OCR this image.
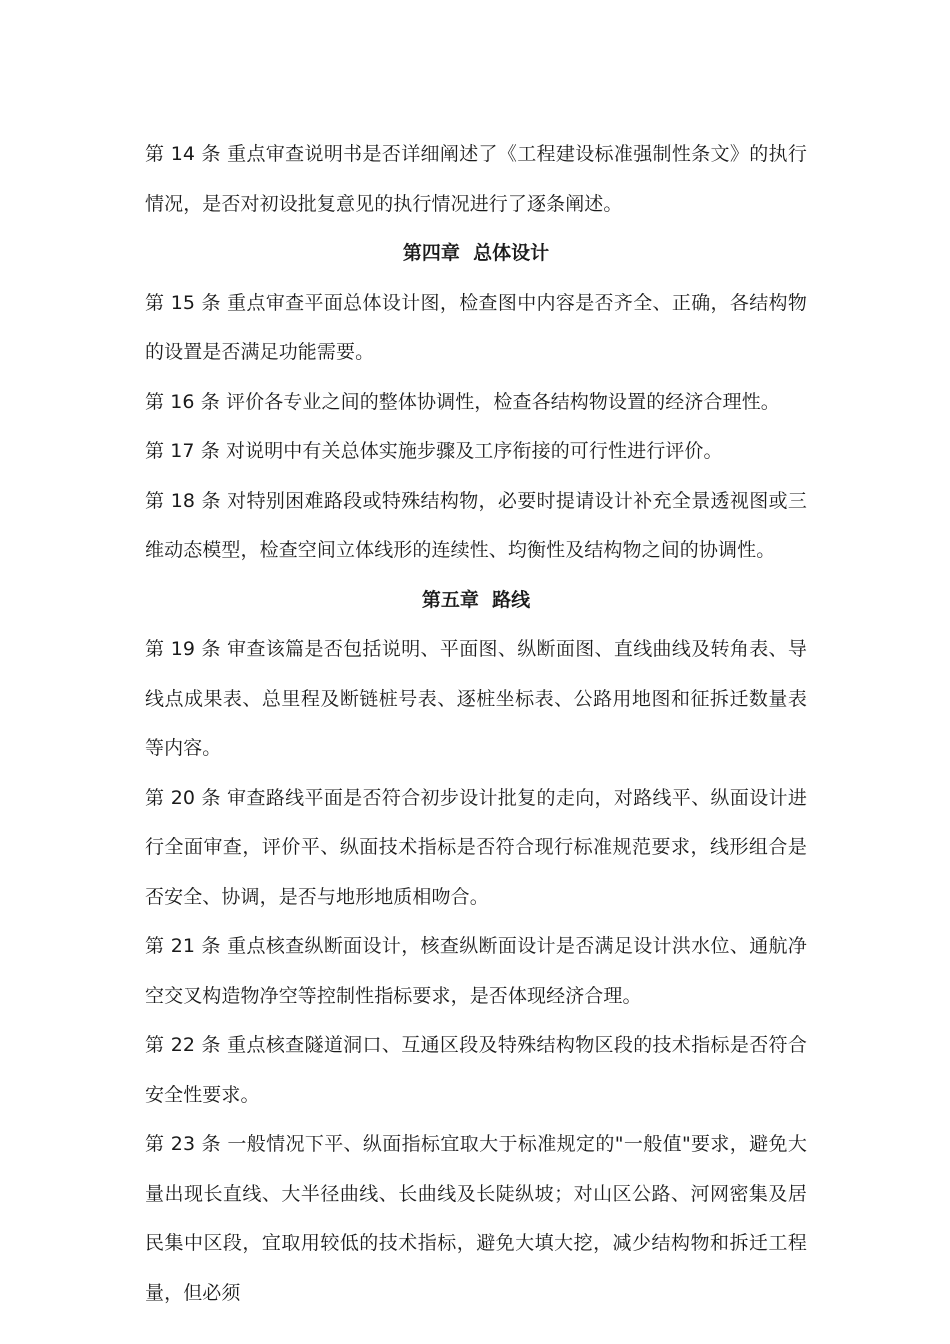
第 14 条 重点审查说明书是否详细阐述了《工程建设标准强制性条文》的执行情况，是否对初设批复意见的执行情况进行了逐条阐述。

第四章  总体设计

第 15 条 重点审查平面总体设计图，检查图中内容是否齐全、正确，各结构物的设置是否满足功能需要。

第 16 条 评价各专业之间的整体协调性，检查各结构物设置的经济合理性。

第 17 条 对说明中有关总体实施步骤及工序衔接的可行性进行评价。

第 18 条 对特别困难路段或特殊结构物，必要时提请设计补充全景透视图或三维动态模型，检查空间立体线形的连续性、均衡性及结构物之间的协调性。

第五章  路线

第 19 条 审查该篇是否包括说明、平面图、纵断面图、直线曲线及转角表、导线点成果表、总里程及断链桩号表、逐桩坐标表、公路用地图和征拆迁数量表等内容。

第 20 条 审查路线平面是否符合初步设计批复的走向，对路线平、纵面设计进行全面审查，评价平、纵面技术指标是否符合现行标准规范要求，线形组合是否安全、协调，是否与地形地质相吻合。

第 21 条 重点核查纵断面设计，核查纵断面设计是否满足设计洪水位、通航净空交叉构造物净空等控制性指标要求，是否体现经济合理。

第 22 条 重点核查隧道洞口、互通区段及特殊结构物区段的技术指标是否符合安全性要求。

第 23 条 一般情况下平、纵面指标宜取大于标准规定的"一般值"要求，避免大量出现长直线、大半径曲线、长曲线及长陡纵坡；对山区公路、河网密集及居民集中区段，宜取用较低的技术指标，避免大填大挖，减少结构物和拆迁工程量，但必须
